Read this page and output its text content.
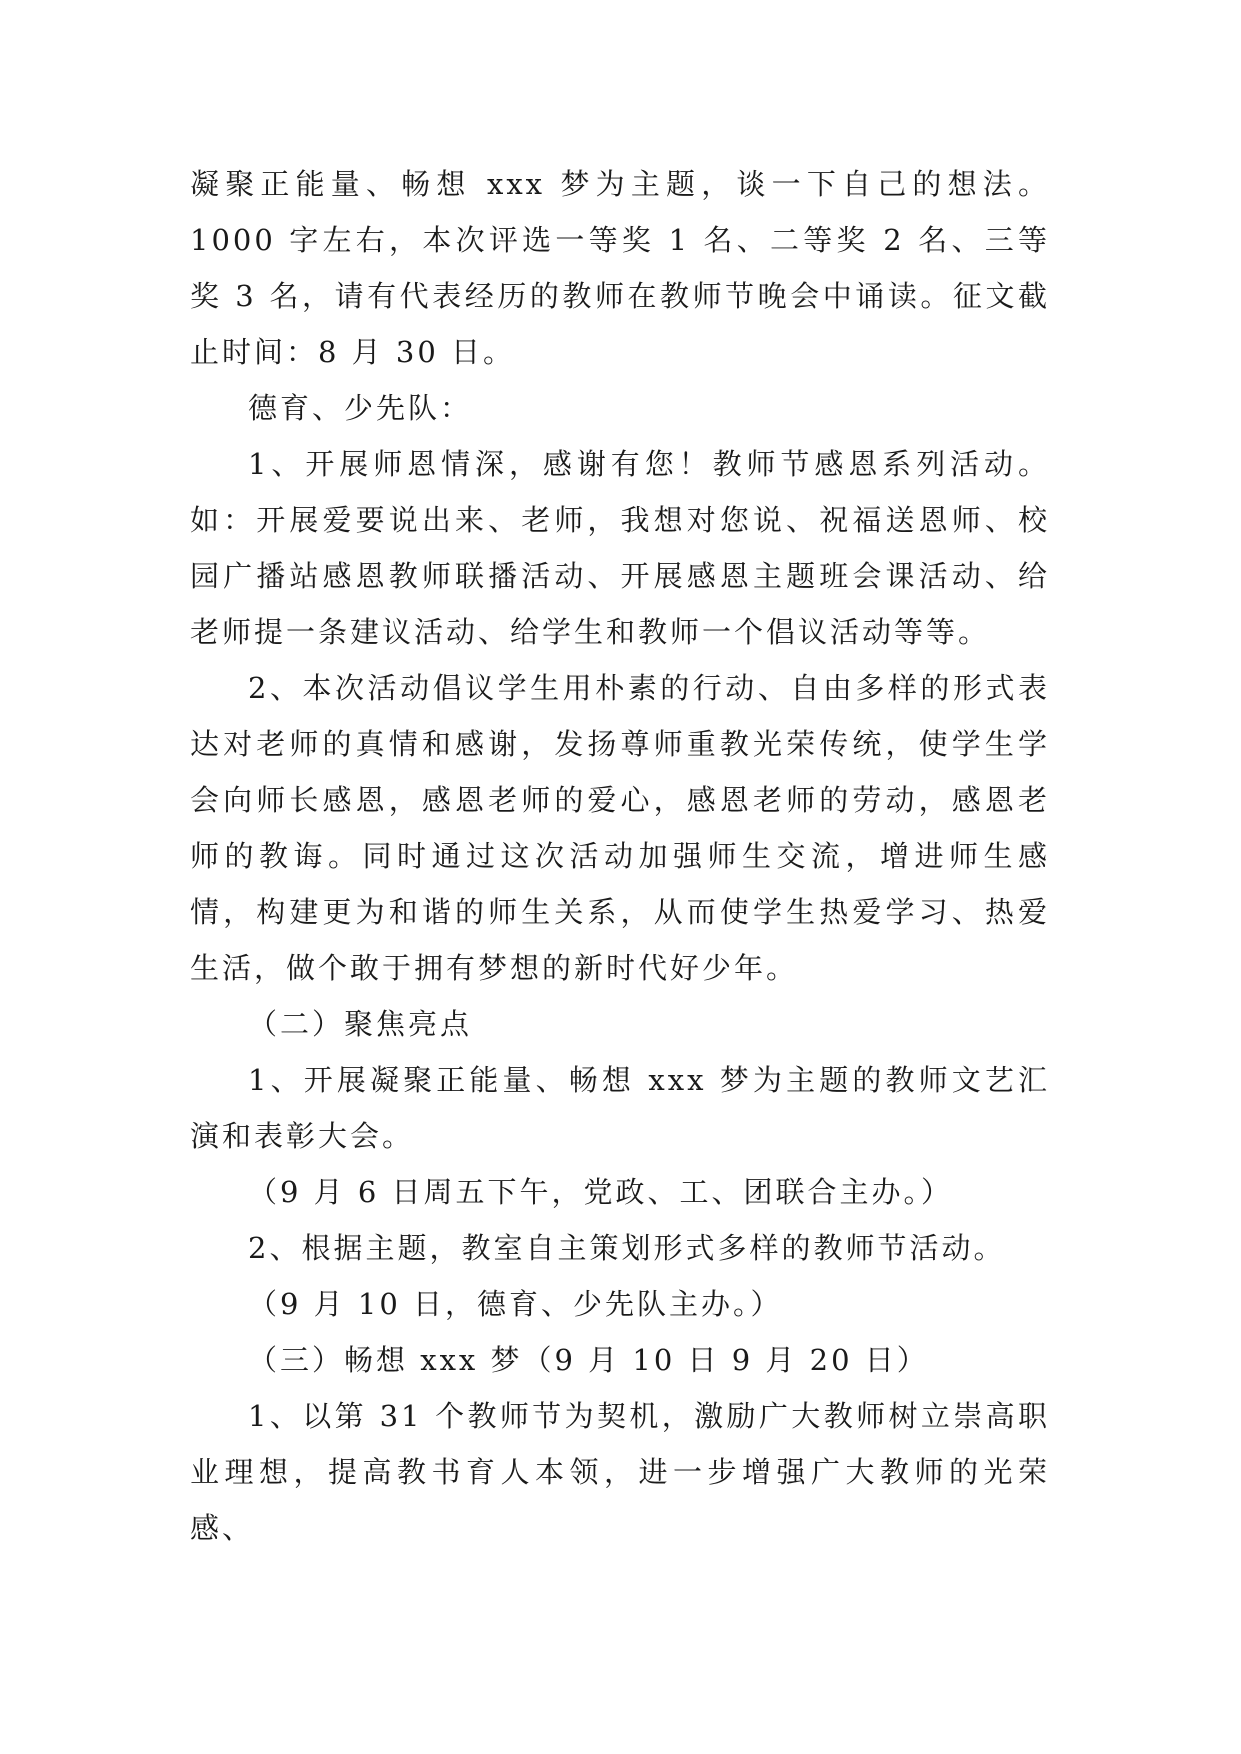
凝聚正能量、畅想 xxx 梦为主题，谈一下自己的想法。1000 字左右，本次评选一等奖 1 名、二等奖 2 名、三等奖 3 名，请有代表经历的教师在教师节晚会中诵读。征文截止时间：8 月 30 日。

德育、少先队：

1、开展师恩情深，感谢有您！教师节感恩系列活动。如：开展爱要说出来、老师，我想对您说、祝福送恩师、校园广播站感恩教师联播活动、开展感恩主题班会课活动、给老师提一条建议活动、给学生和教师一个倡议活动等等。

2、本次活动倡议学生用朴素的行动、自由多样的形式表达对老师的真情和感谢，发扬尊师重教光荣传统，使学生学会向师长感恩，感恩老师的爱心，感恩老师的劳动，感恩老师的教诲。同时通过这次活动加强师生交流，增进师生感情，构建更为和谐的师生关系，从而使学生热爱学习、热爱生活，做个敢于拥有梦想的新时代好少年。

（二）聚焦亮点

1、开展凝聚正能量、畅想 xxx 梦为主题的教师文艺汇演和表彰大会。

（9 月 6 日周五下午，党政、工、团联合主办。）

2、根据主题，教室自主策划形式多样的教师节活动。

（9 月 10 日，德育、少先队主办。）

（三）畅想 xxx 梦（9 月 10 日 9 月 20 日）

1、以第 31 个教师节为契机，激励广大教师树立崇高职业理想，提高教书育人本领，进一步增强广大教师的光荣感、
